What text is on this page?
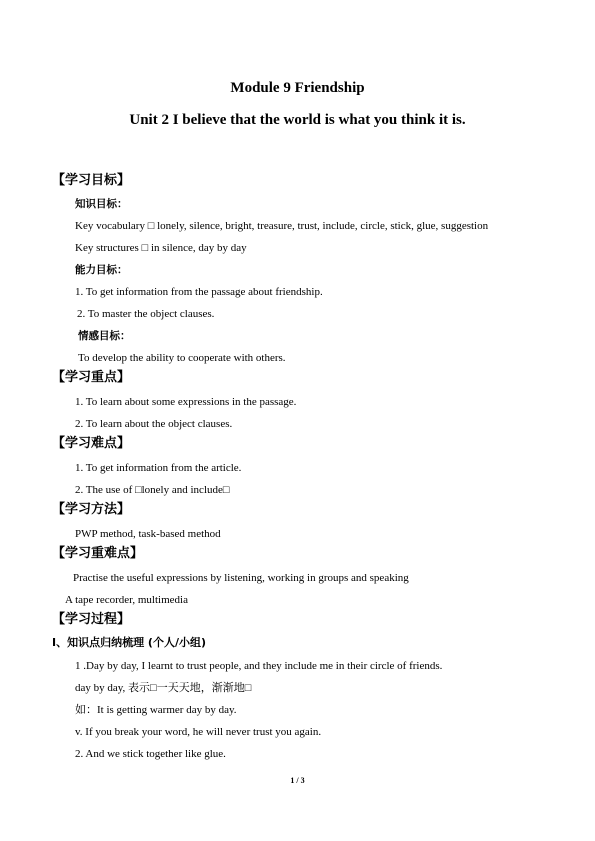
Module 9 Friendship
Unit 2 I believe that the world is what you think it is.
【学习目标】
知识目标：
Key vocabulary □ lonely, silence, bright, treasure, trust, include, circle, stick, glue, suggestion
Key structures □ in silence, day by day
能力目标：
1. To get information from the passage about friendship.
2. To master the object clauses.
情感目标：
To develop the ability to cooperate with others.
【学习重点】
1. To learn about some expressions in the passage.
2. To learn about the object clauses.
【学习难点】
1. To get information from the article.
2. The use of □lonely and include□
【学习方法】
PWP method, task-based method
【学习重难点】
Practise the useful expressions by listening, working in groups and speaking
A tape recorder, multimedia
【学习过程】
Ⅰ、知识点归纳梳理 (个人/小组)
1 .Day by day, I learnt to trust people, and they include me in their circle of friends.
day by day, 表示□一天天地，渐渐地□
如：It is getting warmer day by day.
v. If you break your word, he will never trust you again.
2. And we stick together like glue.
1 / 3
